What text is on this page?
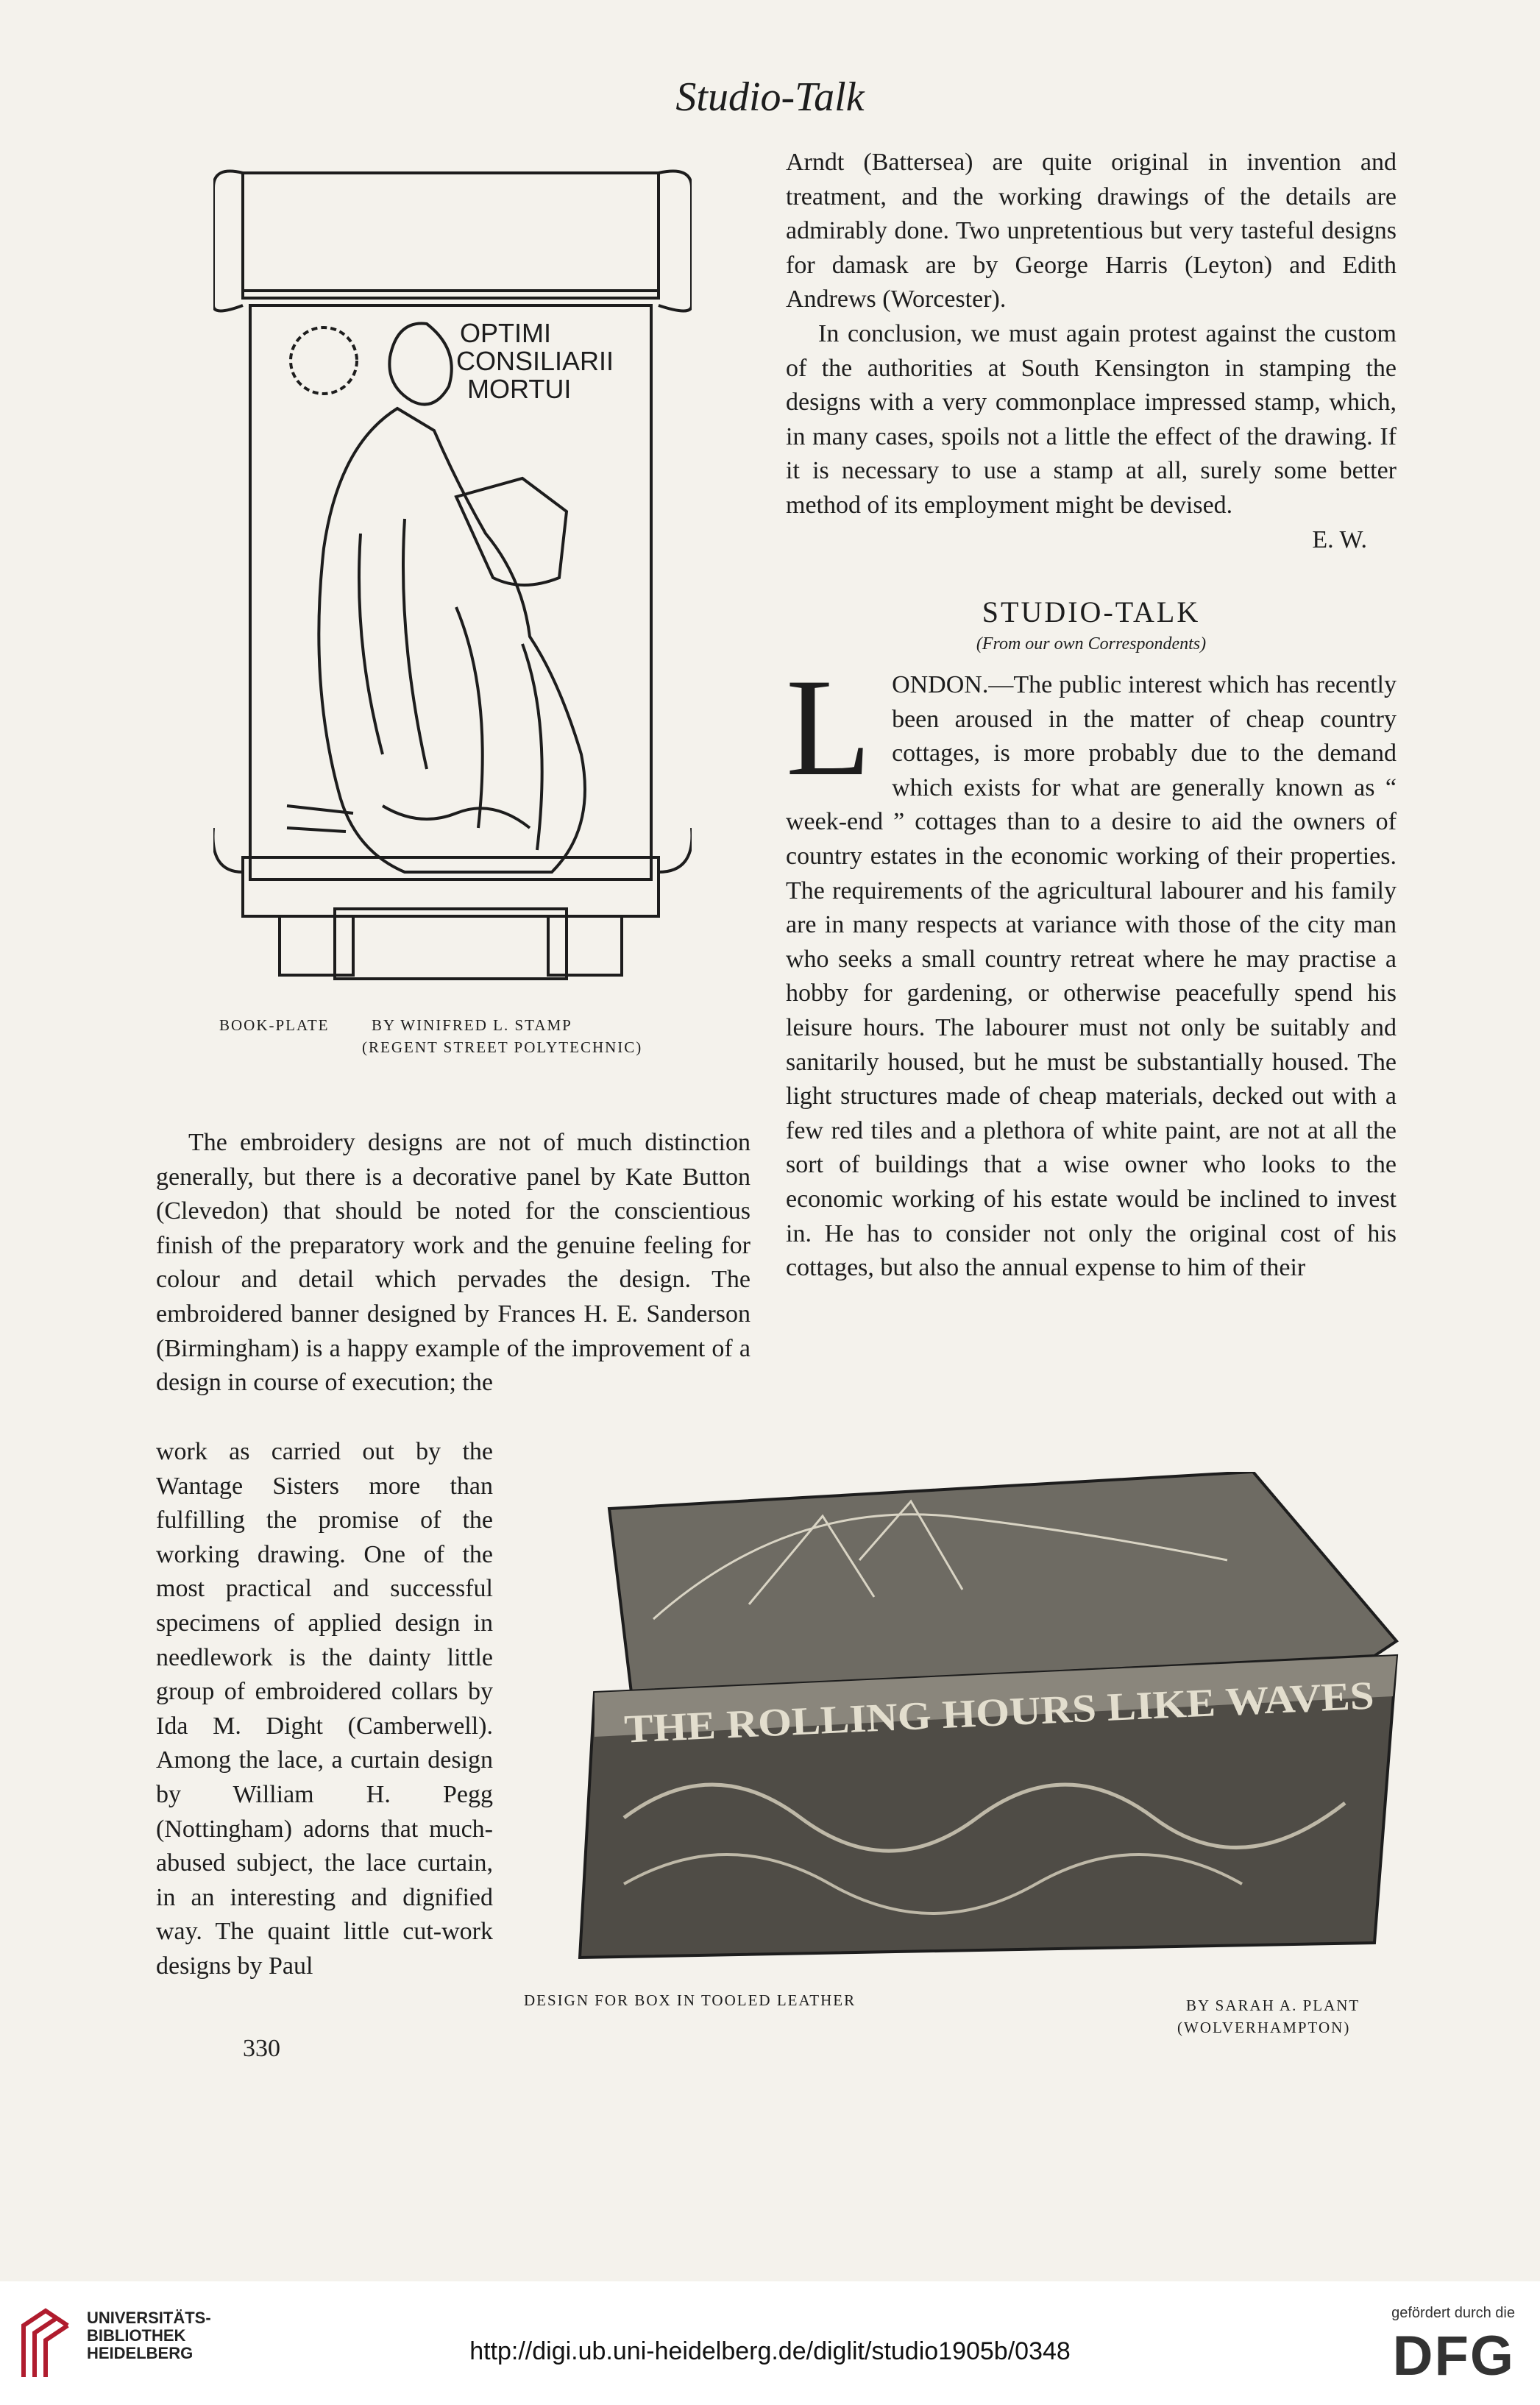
Studio-Talk
OPTIMI
CONSILIARII
MORTUI
BOOK-PLATE	BY WINIFRED L. STAMP
(REGENT STREET POLYTECHNIC)

Arndt (Battersea) are quite original in invention and treatment, and the working drawings of the details are admirably done. Two unpretentious but very tasteful designs for damask are by George Harris (Leyton) and Edith Andrews (Worcester).

In conclusion, we must again protest against the custom of the authorities at South Kensington in stamping the designs with a very commonplace impressed stamp, which, in many cases, spoils not a little the effect of the drawing. If it is necessary to use a stamp at all, surely some better method of its employment might be devised.

E. W.
STUDIO-TALK
(From our own Correspondents)
L ONDON.—The public interest which has recently been aroused in the matter of cheap country cottages, is more probably due to the demand which exists for what are generally known as “ week-end ” cottages than to a desire to aid the owners of country estates in the economic working of their properties. The requirements of the agricultural labourer and his family are in many respects at variance with those of the city man who seeks a small country retreat where he may practise a hobby for gardening, or otherwise peacefully spend his leisure hours. The labourer must not only be suitably and sanitarily housed, but he must be substantially housed. The light structures made of cheap materials, decked out with a few red tiles and a plethora of white paint, are not at all the sort of buildings that a wise owner who looks to the economic working of his estate would be inclined to invest in. He has to consider not only the original cost of his cottages, but also the annual expense to him of their

The embroidery designs are not of much distinction generally, but there is a decorative panel by Kate Button (Clevedon) that should be noted for the conscientious finish of the preparatory work and the genuine feeling for colour and detail which pervades the design. The embroidered banner designed by Frances H. E. Sanderson (Birmingham) is a happy example of the improvement of a design in course of execution; the

work as carried out by the Wantage Sisters more than fulfilling the promise of the working drawing. One of the most practical and successful specimens of applied design in needlework is the dainty little group of embroidered collars by Ida M. Dight (Camberwell). Among the lace, a curtain design by William H. Pegg (Nottingham) adorns that much-abused subject, the lace curtain, in an interesting and dignified way. The quaint little cut-work designs by Paul

THE ROLLING HOURS LIKE WAVES
DESIGN FOR BOX IN TOOLED LEATHER	BY SARAH A. PLANT
(WOLVERHAMPTON)
330
UNIVERSITÄTS-
BIBLIOTHEK
HEIDELBERG	http://digi.ub.uni-heidelberg.de/diglit/studio1905b/0348
gefördert durch die
DFG
